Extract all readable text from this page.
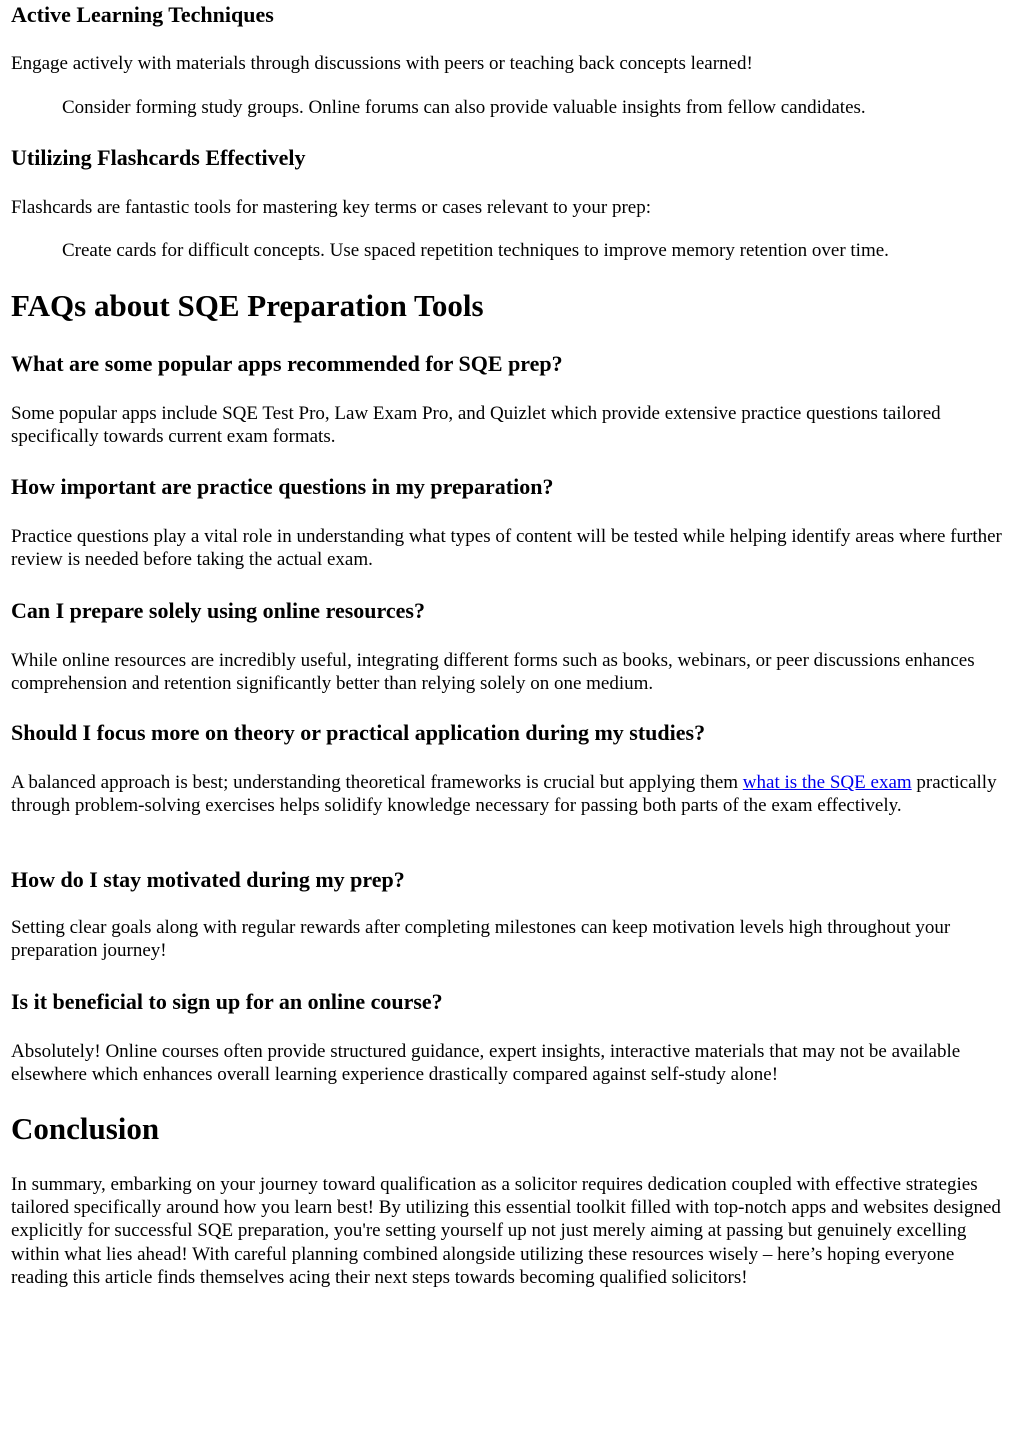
Active Learning Techniques

Engage actively with materials through discussions with peers or teaching back concepts learned!

Consider forming study groups. Online forums can also provide valuable insights from fellow candidates.

Utilizing Flashcards Effectively

Flashcards are fantastic tools for mastering key terms or cases relevant to your prep:

Create cards for difficult concepts. Use spaced repetition techniques to improve memory retention over time.

FAQs about SQE Preparation Tools
What are some popular apps recommended for SQE prep?

Some popular apps include SQE Test Pro, Law Exam Pro, and Quizlet which provide extensive practice questions tailored specifically towards current exam formats.

How important are practice questions in my preparation?

Practice questions play a vital role in understanding what types of content will be tested while helping identify areas where further review is needed before taking the actual exam.

Can I prepare solely using online resources?

While online resources are incredibly useful, integrating different forms such as books, webinars, or peer discussions enhances comprehension and retention significantly better than relying solely on one medium.

Should I focus more on theory or practical application during my studies?

A balanced approach is best; understanding theoretical frameworks is crucial but applying them what is the SQE exam practically through problem-solving exercises helps solidify knowledge necessary for passing both parts of the exam effectively.

How do I stay motivated during my prep?

Setting clear goals along with regular rewards after completing milestones can keep motivation levels high throughout your preparation journey!

Is it beneficial to sign up for an online course?

Absolutely! Online courses often provide structured guidance, expert insights, interactive materials that may not be available elsewhere which enhances overall learning experience drastically compared against self-study alone!

Conclusion

In summary, embarking on your journey toward qualification as a solicitor requires dedication coupled with effective strategies tailored specifically around how you learn best! By utilizing this essential toolkit filled with top-notch apps and websites designed explicitly for successful SQE preparation, you're setting yourself up not just merely aiming at passing but genuinely excelling within what lies ahead! With careful planning combined alongside utilizing these resources wisely – here’s hoping everyone reading this article finds themselves acing their next steps towards becoming qualified solicitors!
